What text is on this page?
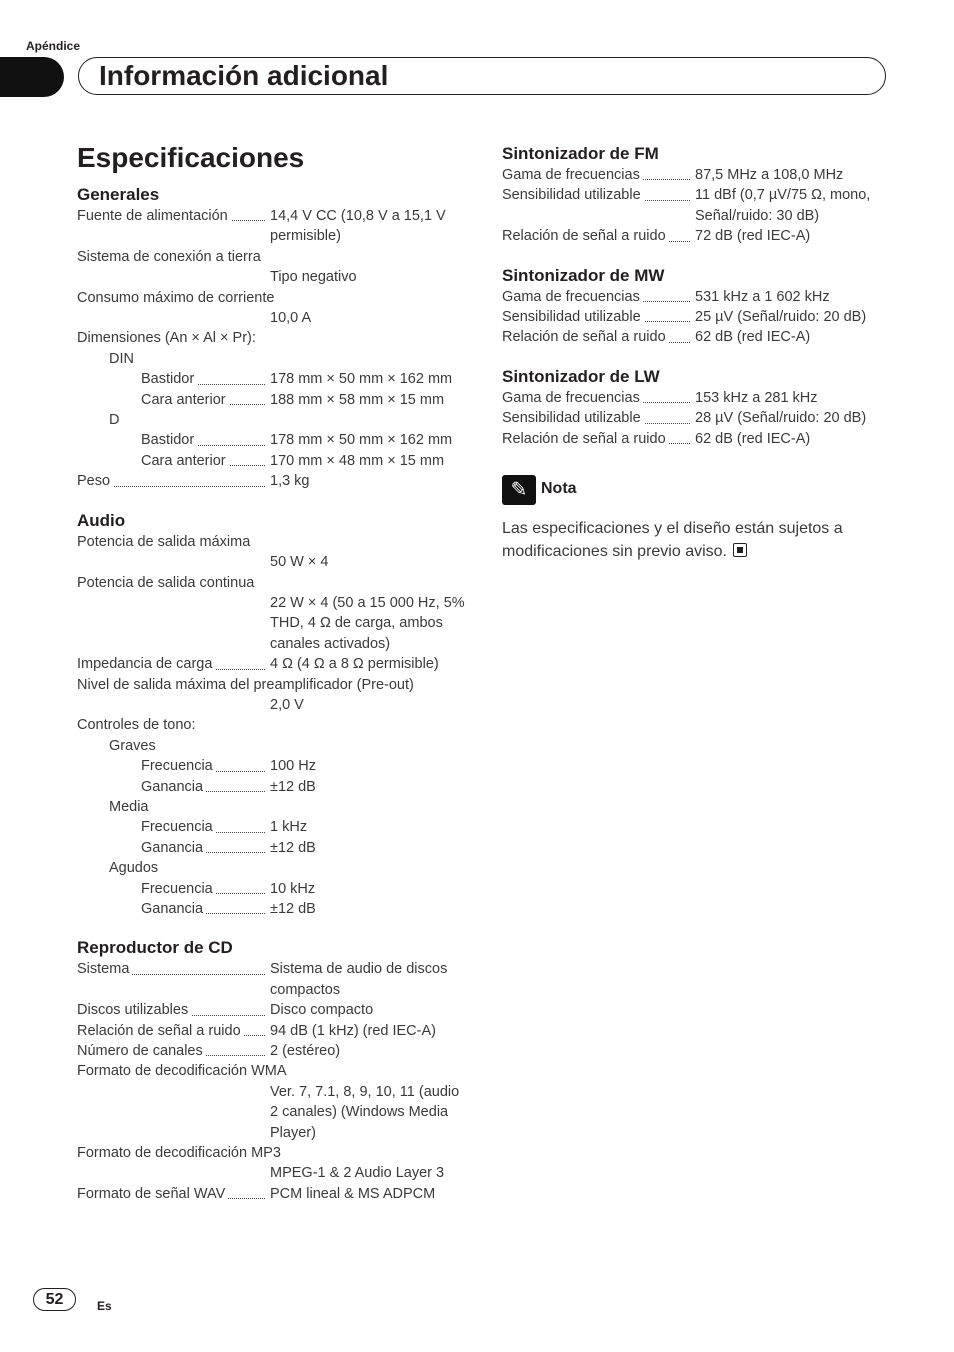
Apéndice
Información adicional
Especificaciones
Generales
Fuente de alimentación	14,4 V CC (10,8 V a 15,1 V permisible)
Sistema de conexión a tierra
Tipo negativo
Consumo máximo de corriente
10,0 A
Dimensiones (An × Al × Pr):
DIN
Bastidor	178 mm × 50 mm × 162 mm
Cara anterior	188 mm × 58 mm × 15 mm
D
Bastidor	178 mm × 50 mm × 162 mm
Cara anterior	170 mm × 48 mm × 15 mm
Peso	1,3 kg
Audio
Potencia de salida máxima
50 W × 4
Potencia de salida continua
22 W × 4 (50 a 15 000 Hz, 5% THD, 4 Ω de carga, ambos canales activados)
Impedancia de carga	4 Ω (4 Ω a 8 Ω permisible)
Nivel de salida máxima del preamplificador (Pre-out)
2,0 V
Controles de tono:
Graves
Frecuencia	100 Hz
Ganancia	±12 dB
Media
Frecuencia	1 kHz
Ganancia	±12 dB
Agudos
Frecuencia	10 kHz
Ganancia	±12 dB
Reproductor de CD
Sistema	Sistema de audio de discos compactos
Discos utilizables	Disco compacto
Relación de señal a ruido	94 dB (1 kHz) (red IEC-A)
Número de canales	2 (estéreo)
Formato de decodificación WMA
Ver. 7, 7.1, 8, 9, 10, 11 (audio 2 canales) (Windows Media Player)
Formato de decodificación MP3
MPEG-1 & 2 Audio Layer 3
Formato de señal WAV	PCM lineal & MS ADPCM
Sintonizador de FM
Gama de frecuencias	87,5 MHz a 108,0 MHz
Sensibilidad utilizable	11 dBf (0,7 µV/75 Ω, mono, Señal/ruido: 30 dB)
Relación de señal a ruido	72 dB (red IEC-A)
Sintonizador de MW
Gama de frecuencias	531 kHz a 1 602 kHz
Sensibilidad utilizable	25 µV (Señal/ruido: 20 dB)
Relación de señal a ruido	62 dB (red IEC-A)
Sintonizador de LW
Gama de frecuencias	153 kHz a 281 kHz
Sensibilidad utilizable	28 µV (Señal/ruido: 20 dB)
Relación de señal a ruido	62 dB (red IEC-A)
✎ Nota
Las especificaciones y el diseño están sujetos a modificaciones sin previo aviso.
52	Es
